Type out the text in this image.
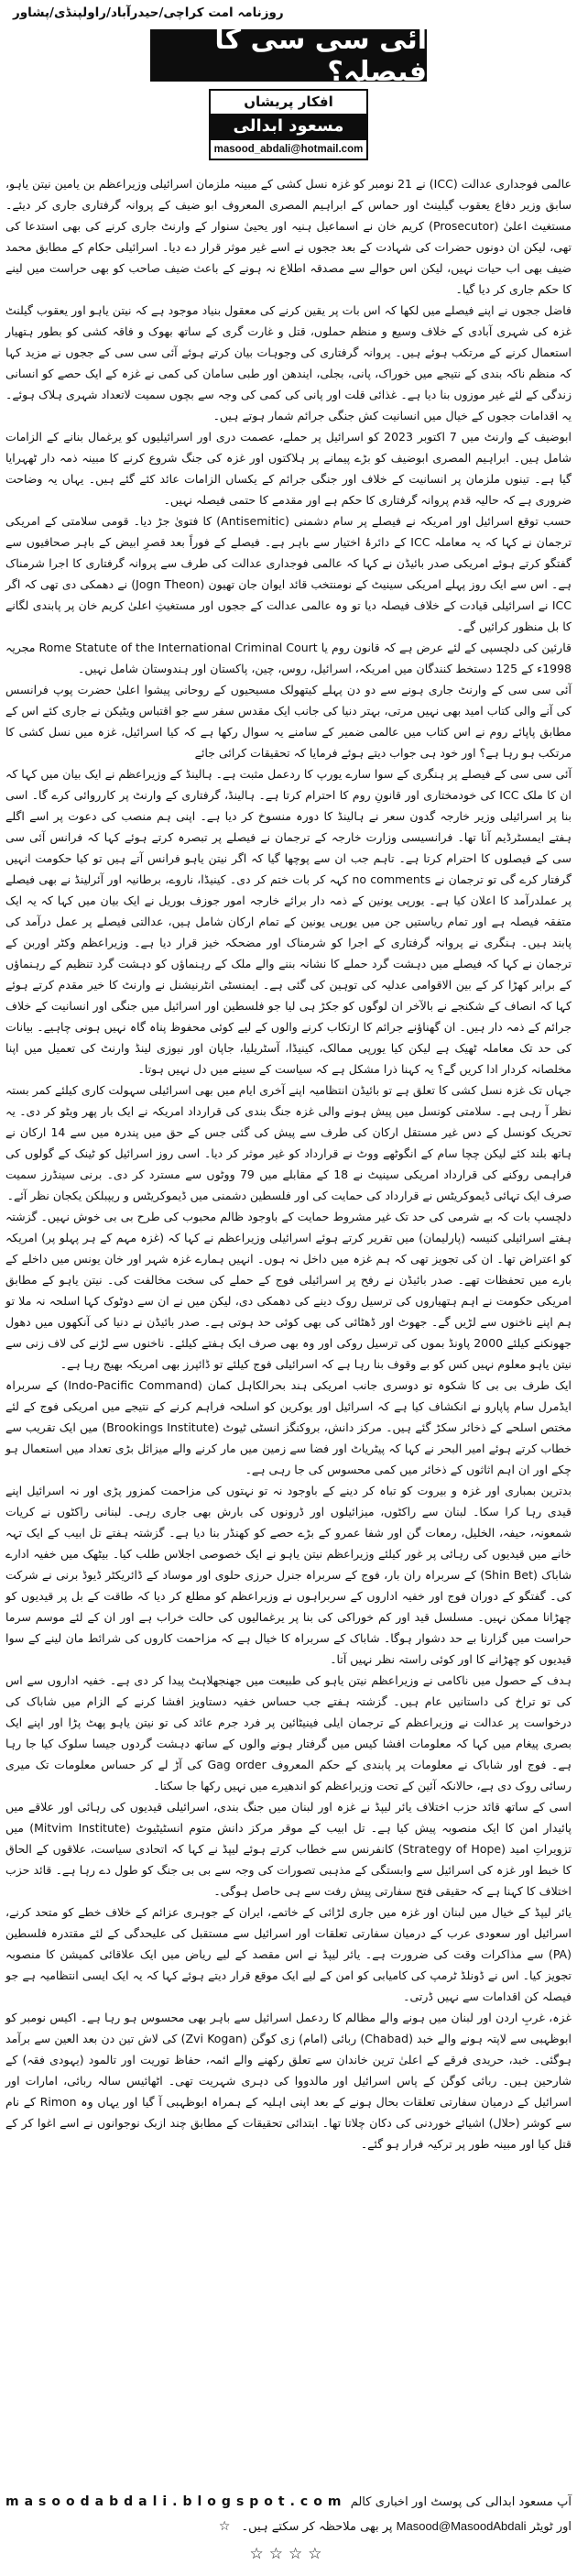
روزنامہ امت کراچی/حیدرآباد/راولپنڈی/پشاور
آئی سی سی کا فیصلہ؟
افکار پریشاں
مسعود ابدالی
masood_abdali@hotmail.com

عالمی فوجداری عدالت (ICC) نے 21 نومبر کو غزہ نسل کشی کے مبینہ ملزمان اسرائیلی وزیراعظم بن یامین نیتن یاہو، سابق وزیر دفاع یعقوب گیلینٹ اور حماس کے ابراہیم المصری المعروف ابو ضیف کے پروانہ گرفتاری جاری کر دیئے۔ مستغیث اعلیٰ (Prosecutor) کریم خان نے اسماعیل ہنیہ اور یحییٰ سنوار کے وارنٹ جاری کرنے کی بھی استدعا کی تھی، لیکن ان دونوں حضرات کی شہادت کے بعد ججوں نے اسے غیر موثر قرار دے دیا۔ اسرائیلی حکام کے مطابق محمد ضیف بھی اب حیات نہیں، لیکن اس حوالے سے مصدقہ اطلاع نہ ہونے کے باعث ضیف صاحب کو بھی حراست میں لینے کا حکم جاری کر دیا گیا۔

فاضل ججوں نے اپنے فیصلے میں لکھا کہ اس بات پر یقین کرنے کی معقول بنیاد موجود ہے کہ نیتن یاہو اور یعقوب گیلنٹ غزہ کی شہری آبادی کے خلاف وسیع و منظم حملوں، قتل و غارت گری کے ساتھ بھوک و فاقہ کشی کو بطور ہتھیار استعمال کرنے کے مرتکب ہوئے ہیں۔ پروانہ گرفتاری کی وجوہات بیان کرتے ہوئے آئی سی سی کے ججوں نے مزید کہا کہ منظم ناکہ بندی کے نتیجے میں خوراک، پانی، بجلی، ایندھن اور طبی سامان کی کمی نے غزہ کے ایک حصے کو انسانی زندگی کے لئے غیر موزوں بنا دیا ہے۔ غذائی قلت اور پانی کی کمی کی وجہ سے بچوں سمیت لاتعداد شہری ہلاک ہوئے۔ یہ اقدامات ججوں کے خیال میں انسانیت کش جنگی جرائم شمار ہوتے ہیں۔

ابوضیف کے وارنٹ میں 7 اکتوبر 2023 کو اسرائیل پر حملے، عصمت دری اور اسرائیلیوں کو یرغمال بنانے کے الزامات شامل ہیں۔ ابراہیم المصری ابوضیف کو بڑے پیمانے پر ہلاکتوں اور غزہ کی جنگ شروع کرنے کا مبینہ ذمہ دار ٹھہرایا گیا ہے۔ تینوں ملزمان پر انسانیت کے خلاف اور جنگی جرائم کے یکساں الزامات عائد کئے گئے ہیں۔ یہاں یہ وضاحت ضروری ہے کہ حالیہ قدم پروانہ گرفتاری کا حکم ہے اور مقدمے کا حتمی فیصلہ نہیں۔

حسب توقع اسرائیل اور امریکہ نے فیصلے پر سام دشمنی (Antisemitic) کا فتویٰ جڑ دیا۔ قومی سلامتی کے امریکی ترجمان نے کہا کہ یہ معاملہ ICC کے دائرۂ اختیار سے باہر ہے۔ فیصلے کے فوراً بعد قصرِ ابیض کے باہر صحافیوں سے گفتگو کرتے ہوئے امریکی صدر بائیڈن نے کہا کہ عالمی فوجداری عدالت کی طرف سے پروانہ گرفتاری کا اجرا شرمناک ہے۔ اس سے ایک روز پہلے امریکی سینیٹ کے نومنتخب قائد ایوان جان تھیون (Jogn Theon) نے دھمکی دی تھی کہ اگر ICC نے اسرائیلی قیادت کے خلاف فیصلہ دیا تو وہ عالمی عدالت کے ججوں اور مستغیثِ اعلیٰ کریم خان پر پابندی لگانے کا بل منظور کرائیں گے۔

قارئین کی دلچسپی کے لئے عرض ہے کہ قانون روم یا Rome Statute of the International Criminal Court مجریہ 1998ء کے 125 دستخط کنندگان میں امریکہ، اسرائیل، روس، چین، پاکستان اور ہندوستان شامل نہیں۔

آئی سی سی کے وارنٹ جاری ہونے سے دو دن پہلے کیتھولک مسیحیوں کے روحانی پیشوا اعلیٰ حضرت پوپ فرانسس کی آنے والی کتاب امید بھی نہیں مرتی، بہتر دنیا کی جانب ایک مقدس سفر سے جو اقتباس ویٹیکن نے جاری کئے اس کے مطابق پاپائے روم نے اس کتاب میں عالمی ضمیر کے سامنے یہ سوال رکھا ہے کہ کیا اسرائیل، غزہ میں نسل کشی کا مرتکب ہو رہا ہے؟ اور خود ہی جواب دیتے ہوئے فرمایا کہ تحقیقات کرائی جائے

آئی سی سی کے فیصلے پر ہنگری کے سوا سارے یورپ کا ردعمل مثبت ہے۔ ہالینڈ کے وزیراعظم نے ایک بیان میں کہا کہ ان کا ملک ICC کی خودمختاری اور قانونِ روم کا احترام کرتا ہے۔ ہالینڈ، گرفتاری کے وارنٹ پر کارروائی کرے گا۔ اسی بنا پر اسرائیلی وزیر خارجہ گدون سعر نے ہالینڈ کا دورہ منسوخ کر دیا ہے۔ اپنی ہم منصب کی دعوت پر اسے اگلے ہفتے ایمسٹرڈیم آنا تھا۔ فرانسیسی وزارت خارجہ کے ترجمان نے فیصلے پر تبصرہ کرتے ہوئے کہا کہ فرانس آئی سی سی کے فیصلوں کا احترام کرتا ہے۔ تاہم جب ان سے پوچھا گیا کہ اگر نیتن یاہو فرانس آتے ہیں تو کیا حکومت انہیں گرفتار کرے گی تو ترجمان نے no comments کہہ کر بات ختم کر دی۔ کینیڈا، ناروے، برطانیہ اور آئرلینڈ نے بھی فیصلے پر عملدرآمد کا اعلان کیا ہے۔ یورپی یونین کے ذمہ دار برائے خارجہ امور جوزف بوریل نے ایک بیان میں کہا کہ یہ ایک متفقہ فیصلہ ہے اور تمام ریاستیں جن میں یورپی یونین کے تمام ارکان شامل ہیں، عدالتی فیصلے پر عمل درآمد کی پابند ہیں۔ ہنگری نے پروانہ گرفتاری کے اجرا کو شرمناک اور مضحکہ خیز قرار دیا ہے۔ وزیراعظم وکٹر اوربن کے ترجمان نے کہا کہ فیصلے میں دہشت گرد حملے کا نشانہ بننے والے ملک کے رہنماؤں کو دہشت گرد تنظیم کے رہنماؤں کے برابر کھڑا کر کے بین الاقوامی عدلیہ کی توہین کی گئی ہے۔ ایمنسٹی انٹرنیشنل نے وارنٹ کا خیر مقدم کرتے ہوئے کہا کہ انصاف کے شکنجے نے بالآخر ان لوگوں کو جکڑ ہی لیا جو فلسطین اور اسرائیل میں جنگی اور انسانیت کے خلاف جرائم کے ذمہ دار ہیں۔ ان گھناؤنے جرائم کا ارتکاب کرنے والوں کے لیے کوئی محفوظ پناہ گاہ نہیں ہونی چاہیے۔ بیانات کی حد تک معاملہ ٹھیک ہے لیکن کیا یورپی ممالک، کینیڈا، آسٹریلیا، جاپان اور نیوزی لینڈ وارنٹ کی تعمیل میں اپنا مخلصانہ کردار ادا کریں گے؟ یہ کہنا ذرا مشکل ہے کہ سیاست کے سینے میں دل نہیں ہوتا۔

جہاں تک غزہ نسل کشی کا تعلق ہے تو بائیڈن انتظامیہ اپنے آخری ایام میں بھی اسرائیلی سہولت کاری کیلئے کمر بستہ نظر آ رہی ہے۔ سلامتی کونسل میں پیش ہونے والی غزہ جنگ بندی کی قرارداد امریکہ نے ایک بار پھر ویٹو کر دی۔ یہ تحریک کونسل کے دس غیر مستقل ارکان کی طرف سے پیش کی گئی جس کے حق میں پندرہ میں سے 14 ارکان نے ہاتھ بلند کئے لیکن چچا سام کے انگوٹھے ووٹ نے قرارداد کو غیر موثر کر دیا۔ اسی روز اسرائیل کو ٹینک کے گولوں کی فراہمی روکنے کی قرارداد امریکی سینیٹ نے 18 کے مقابلے میں 79 ووٹوں سے مسترد کر دی۔ برنی سینڈرز سمیت صرف ایک تہائی ڈیموکریٹس نے قرارداد کی حمایت کی اور فلسطین دشمنی میں ڈیموکریٹس و ریپبلکن یکجان نظر آئے۔

دلچسپ بات کہ بے شرمی کی حد تک غیر مشروط حمایت کے باوجود ظالم محبوب کی طرح بی بی خوش نہیں۔ گزشتہ ہفتے اسرائیلی کنیسہ (پارلیمان) میں تقریر کرتے ہوئے اسرائیلی وزیراعظم نے کہا کہ (غزہ مہم کے ہر پہلو پر) امریکہ کو اعتراض تھا۔ ان کی تجویز تھی کہ ہم غزہ میں داخل نہ ہوں۔ انہیں ہمارے غزہ شہر اور خان یونس میں داخلے کے بارے میں تحفظات تھے۔ صدر بائیڈن نے رفح پر اسرائیلی فوج کے حملے کی سخت مخالفت کی۔ نیتن یاہو کے مطابق امریکی حکومت نے اہم ہتھیاروں کی ترسیل روک دینے کی دھمکی دی، لیکن میں نے ان سے دوٹوک کہا اسلحہ نہ ملا تو ہم اپنے ناخنوں سے لڑیں گے۔ جھوٹ اور ڈھٹائی کی بھی کوئی حد ہوتی ہے۔ صدر بائیڈن نے دنیا کی آنکھوں میں دھول جھونکنے کیلئے 2000 پاونڈ بموں کی ترسیل روکی اور وہ بھی صرف ایک ہفتے کیلئے۔ ناخنوں سے لڑنے کی لاف زنی سے نیتن یاہو معلوم نہیں کس کو بے وقوف بنا رہا ہے کہ اسرائیلی فوج کیلئے تو ڈائپرز بھی امریکہ بھیج رہا ہے۔

ایک طرف بی بی کا شکوہ تو دوسری جانب امریکی ہند بحرالکاہل کمان (Indo-Pacific Command) کے سربراہ ایڈمرل سام پاپارو نے انکشاف کیا ہے کہ اسرائیل اور یوکرین کو اسلحہ فراہم کرنے کے نتیجے میں امریکی فوج کے لئے مختص اسلحے کے ذخائر سکڑ گئے ہیں۔ مرکز دانش، بروکنگز انسٹی ٹیوٹ (Brookings Institute) میں ایک تقریب سے خطاب کرتے ہوئے امیر البحر نے کہا کہ پیٹریاٹ اور فضا سے زمین میں مار کرنے والے میزائل بڑی تعداد میں استعمال ہو چکے اور ان اہم اثاثوں کے ذخائر میں کمی محسوس کی جا رہی ہے۔

بدترین بمباری اور غزہ و بیروت کو تباہ کر دینے کے باوجود نہ تو نہتوں کی مزاحمت کمزور پڑی اور نہ اسرائیل اپنے قیدی رہا کرا سکا۔ لبنان سے راکٹوں، میزائیلوں اور ڈرونوں کی بارش بھی جاری رہی۔ لبنانی راکٹوں نے کریات شمعونہ، حیفہ، الخلیل، رمعات گن اور شفا عمرو کے بڑے حصے کو کھنڈر بنا دیا ہے۔ گزشتہ ہفتے تل ابیب کے ایک تہہ خانے میں قیدیوں کی رہائی پر غور کیلئے وزیراعظم نیتن یاہو نے ایک خصوصی اجلاس طلب کیا۔ بیٹھک میں خفیہ ادارے شاباک (Shin Bet) کے سربراہ ران بار، فوج کے سربراہ جنرل حرزی حلوی اور موساد کے ڈائریکٹر ڈیوڈ برنی نے شرکت کی۔ گفتگو کے دوران فوج اور خفیہ اداروں کے سربراہوں نے وزیراعظم کو مطلع کر دیا کہ طاقت کے بل پر قیدیوں کو چھڑانا ممکن نہیں۔ مسلسل قید اور کم خوراکی کی بنا پر یرغمالیوں کی حالت خراب ہے اور ان کے لئے موسم سرما حراست میں گزارنا بے حد دشوار ہوگا۔ شاباک کے سربراہ کا خیال ہے کہ مزاحمت کاروں کی شرائط مان لینے کے سوا قیدیوں کو چھڑانے کا اور کوئی راستہ نظر نہیں آتا۔

ہدف کے حصول میں ناکامی نے وزیراعظم نیتن یاہو کی طبیعت میں جھنجھلاہٹ پیدا کر دی ہے۔ خفیہ اداروں سے اس کی تو تراخ کی داستانیں عام ہیں۔ گزشتہ ہفتے جب حساس خفیہ دستاویز افشا کرنے کے الزام میں شاباک کی درخواست پر عدالت نے وزیراعظم کے ترجمان ایلی فینیٹائین پر فرد جرم عائد کی تو نیتن یاہو پھٹ پڑا اور اپنے ایک بصری پیغام میں کہا کہ معلومات افشا کیس میں گرفتار ہونے والوں کے ساتھ دہشت گردوں جیسا سلوک کیا جا رہا ہے۔ فوج اور شاباک نے معلومات پر پابندی کے حکم المعروف Gag order کی آڑ لے کر حساس معلومات تک میری رسائی روک دی ہے، حالانکہ آئین کے تحت وزیراعظم کو اندھیرے میں نہیں رکھا جا سکتا۔

اسی کے ساتھ قائد حزب اختلاف یائر لیپڈ نے غزہ اور لبنان میں جنگ بندی، اسرائیلی قیدیوں کی رہائی اور علاقے میں پائیدار امن کا ایک منصوبہ پیش کیا ہے۔ تل ابیب کے موقر مرکز دانش متوم انسٹیٹیوٹ (Mitvim Institute) میں تزویراتِ امید (Strategy of Hope) کانفرنس سے خطاب کرتے ہوئے لیپڈ نے کہا کہ اتحادی سیاست، علاقوں کے الحاق کا خبط اور غزہ کی اسرائیل سے وابستگی کے مذہبی تصورات کی وجہ سے بی بی جنگ کو طول دے رہا ہے۔ قائد حزب اختلاف کا کہنا ہے کہ حقیقی فتح سفارتی پیش رفت سے ہی حاصل ہوگی۔

یائر لیپڈ کے خیال میں لبنان اور غزہ میں جاری لڑائی کے خاتمے، ایران کے جوہری عزائم کے خلاف خطے کو متحد کرنے، اسرائیل اور سعودی عرب کے درمیان سفارتی تعلقات اور اسرائیل سے مستقبل کی علیحدگی کے لئے مقتدرہ فلسطین (PA) سے مذاکرات وقت کی ضرورت ہے۔ یائر لیپڈ نے اس مقصد کے لیے ریاض میں ایک علاقائی کمیشن کا منصوبہ تجویز کیا۔ اس نے ڈونلڈ ٹرمپ کی کامیابی کو امن کے لیے ایک موقع قرار دیتے ہوئے کہا کہ یہ ایک ایسی انتظامیہ ہے جو فیصلہ کن اقدامات سے نہیں ڈرتی۔

غزہ، غربِ اردن اور لبنان میں ہونے والے مظالم کا ردعمل اسرائیل سے باہر بھی محسوس ہو رہا ہے۔ اکیس نومبر کو ابوظہبی سے لاپتہ ہونے والے خبد (Chabad) ربائی (امام) زی کوگن (Zvi Kogan) کی لاش تین دن بعد العین سے برآمد ہوگئی۔ خبد، حریدی فرقے کے اعلیٰ ترین خاندان سے تعلق رکھنے والے ائمہ، حفاظ توریت اور تالمود (یہودی فقہ) کے شارحین ہیں۔ ربائی کوگن کے پاس اسرائیل اور مالدووا کی دہری شہریت تھی۔ اٹھائیس سالہ ربائی، امارات اور اسرائیل کے درمیان سفارتی تعلقات بحال ہونے کے بعد اپنی اہلیہ کے ہمراہ ابوظہبی آ گیا اور یہاں وہ Rimon کے نام سے کوشر (حلال) اشیائے خوردنی کی دکان چلاتا تھا۔ ابتدائی تحقیقات کے مطابق چند ازبک نوجوانوں نے اسے اغوا کر کے قتل کیا اور مبینہ طور پر ترکیہ فرار ہو گئے۔

آپ مسعود ابدالی کی پوسٹ اور اخباری کالم masoodabdali.blogspot.com اور ٹویٹر Masood@MasoodAbdali پر بھی ملاحظہ کر سکتے ہیں۔ ☆
☆☆☆☆
